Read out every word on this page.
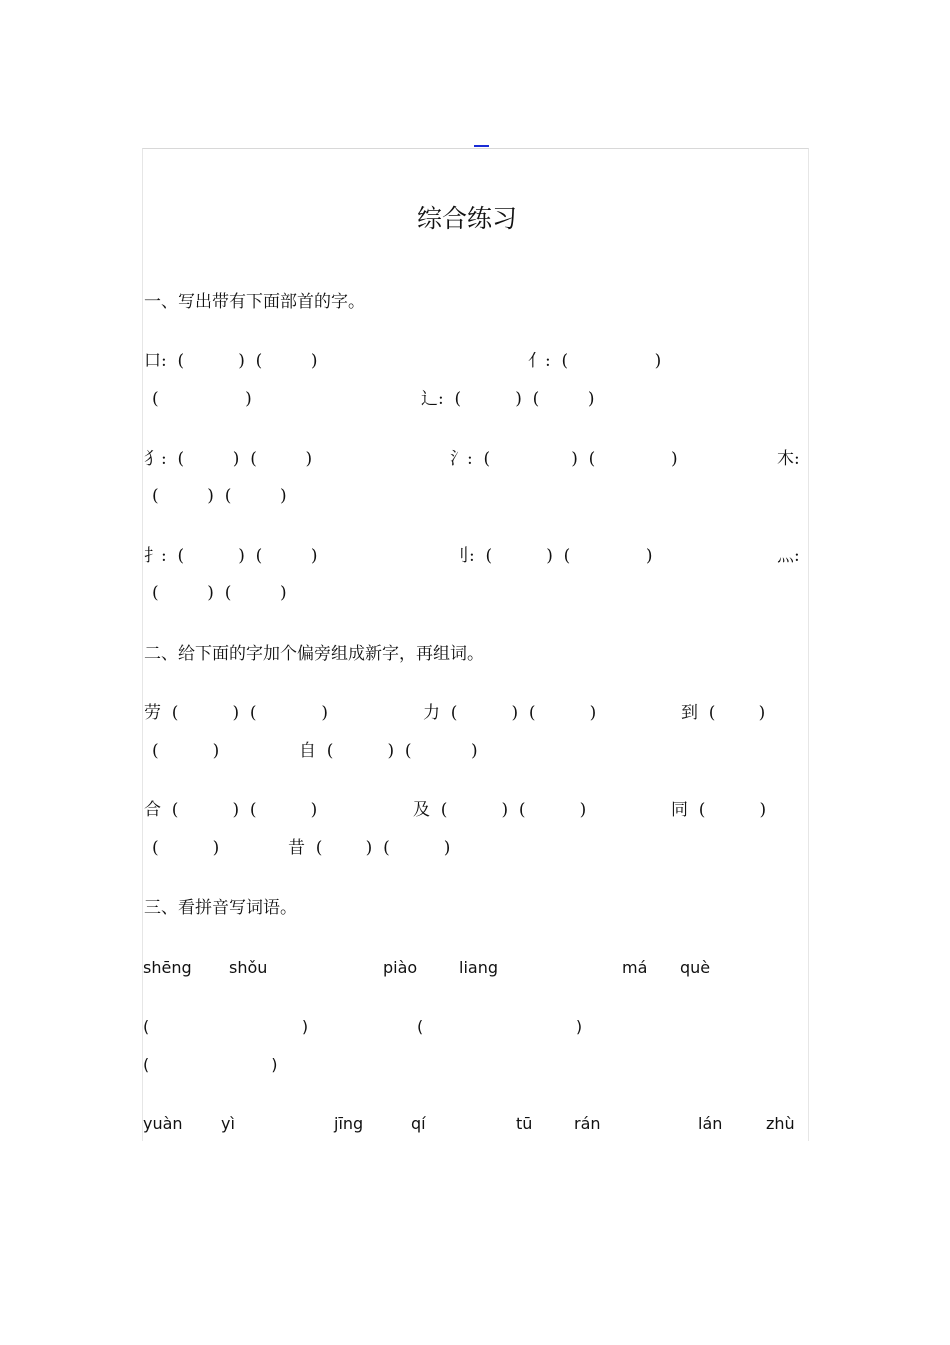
综合练习
一、写出带有下面部首的字。
口:  (          )  (         )	亻:  (                )
(                )	辶:  (          )  (         )
犭:  (         )  (         )	氵:  (               )  (              )	木:
(         )  (         )
扌:  (          )  (         )	刂:  (          )  (              )	灬:
(         )  (         )
二、给下面的字加个偏旁组成新字，再组词。
劳  (          )  (            )	力  (          )  (          )	到  (        )
(          )	自  (          )  (           )
合  (          )  (          )	及  (          )  (          )	同  (          )
(          )	昔  (        )  (          )
三、看拼音写词语。
shēng shǒu	piào	liang	má què
(                              )	(                              )
(                        )
yuàn yì	jīng	qí	tū	rán	lán	zhù
